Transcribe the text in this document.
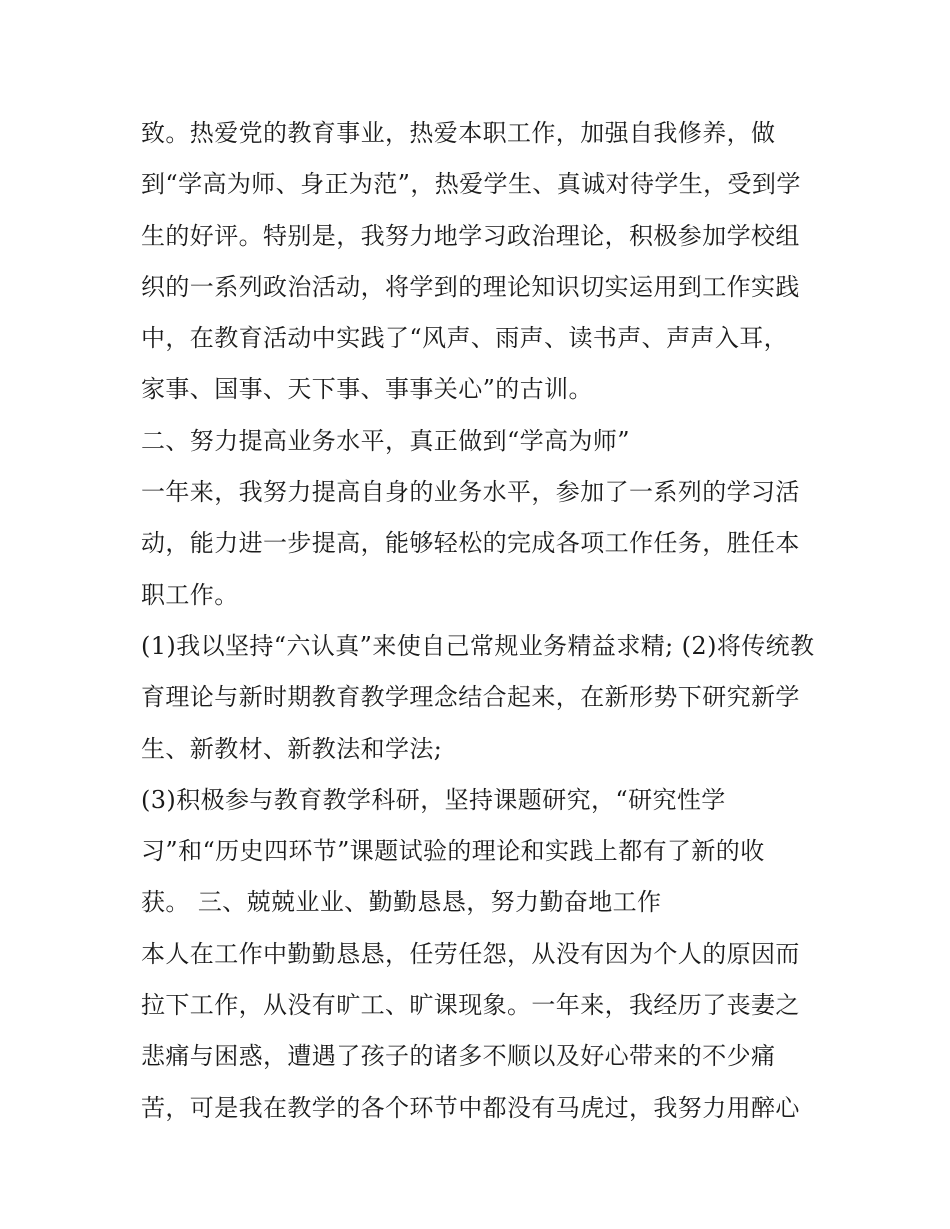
致。热爱党的教育事业，热爱本职工作，加强自我修养，做
到“学高为师、身正为范”，热爱学生、真诚对待学生，受到学
生的好评。特别是，我努力地学习政治理论，积极参加学校组
织的一系列政治活动，将学到的理论知识切实运用到工作实践
中，在教育活动中实践了“风声、雨声、读书声、声声入耳，
家事、国事、天下事、事事关心”的古训。
二、努力提高业务水平，真正做到“学高为师”
一年来，我努力提高自身的业务水平，参加了一系列的学习活
动，能力进一步提高，能够轻松的完成各项工作任务，胜任本
职工作。
(1)我以坚持“六认真”来使自己常规业务精益求精; (2)将传统教
育理论与新时期教育教学理念结合起来，在新形势下研究新学
生、新教材、新教法和学法;
(3)积极参与教育教学科研，坚持课题研究，“研究性学
习”和“历史四环节”课题试验的理论和实践上都有了新的收
获。 三、兢兢业业、勤勤恳恳，努力勤奋地工作
本人在工作中勤勤恳恳，任劳任怨，从没有因为个人的原因而
拉下工作，从没有旷工、旷课现象。一年来，我经历了丧妻之
悲痛与困惑，遭遇了孩子的诸多不顺以及好心带来的不少痛
苦，可是我在教学的各个环节中都没有马虎过，我努力用醉心
